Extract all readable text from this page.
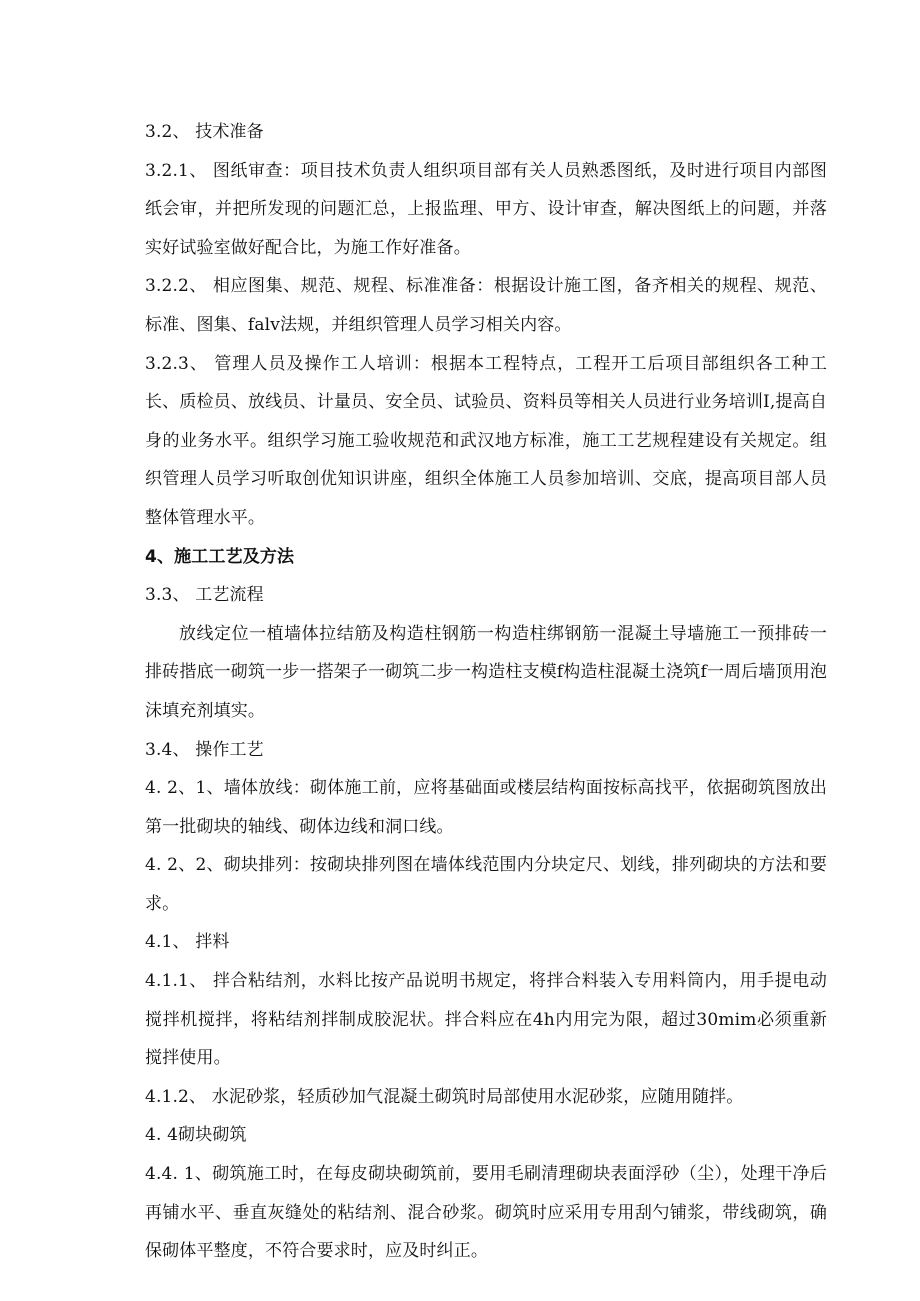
3.2、 技术准备

3.2.1、 图纸审查：项目技术负责人组织项目部有关人员熟悉图纸，及时进行项目内部图纸会审，并把所发现的问题汇总，上报监理、甲方、设计审查，解决图纸上的问题，并落实好试验室做好配合比，为施工作好准备。

3.2.2、 相应图集、规范、规程、标准准备：根据设计施工图，备齐相关的规程、规范、标准、图集、falv法规，并组织管理人员学习相关内容。

3.2.3、 管理人员及操作工人培训：根据本工程特点，工程开工后项目部组织各工种工长、质检员、放线员、计量员、安全员、试验员、资料员等相关人员进行业务培训I,提高自身的业务水平。组织学习施工验收规范和武汉地方标准，施工工艺规程建设有关规定。组织管理人员学习听取创优知识讲座，组织全体施工人员参加培训、交底，提高项目部人员整体管理水平。

4、施工工艺及方法

3.3、 工艺流程

放线定位一植墙体拉结筋及构造柱钢筋一构造柱绑钢筋一混凝土导墙施工一预排砖一排砖揩底一砌筑一步一搭架子一砌筑二步一构造柱支模f构造柱混凝土浇筑f一周后墙顶用泡沫填充剂填实。

3.4、 操作工艺

4. 2、1、墙体放线：砌体施工前，应将基础面或楼层结构面按标高找平，依据砌筑图放出第一批砌块的轴线、砌体边线和洞口线。

4. 2、2、砌块排列：按砌块排列图在墙体线范围内分块定尺、划线，排列砌块的方法和要求。

4.1、 拌料

4.1.1、 拌合粘结剂，水料比按产品说明书规定，将拌合料装入专用料筒内，用手提电动搅拌机搅拌，将粘结剂拌制成胶泥状。拌合料应在4h内用完为限，超过30mim必须重新搅拌使用。

4.1.2、 水泥砂浆，轻质砂加气混凝土砌筑时局部使用水泥砂浆，应随用随拌。

4. 4砌块砌筑

4.4. 1、砌筑施工时，在每皮砌块砌筑前，要用毛刷清理砌块表面浮砂（尘），处理干净后再铺水平、垂直灰缝处的粘结剂、混合砂浆。砌筑时应采用专用刮勺铺浆，带线砌筑，确保砌体平整度，不符合要求时，应及时纠正。
